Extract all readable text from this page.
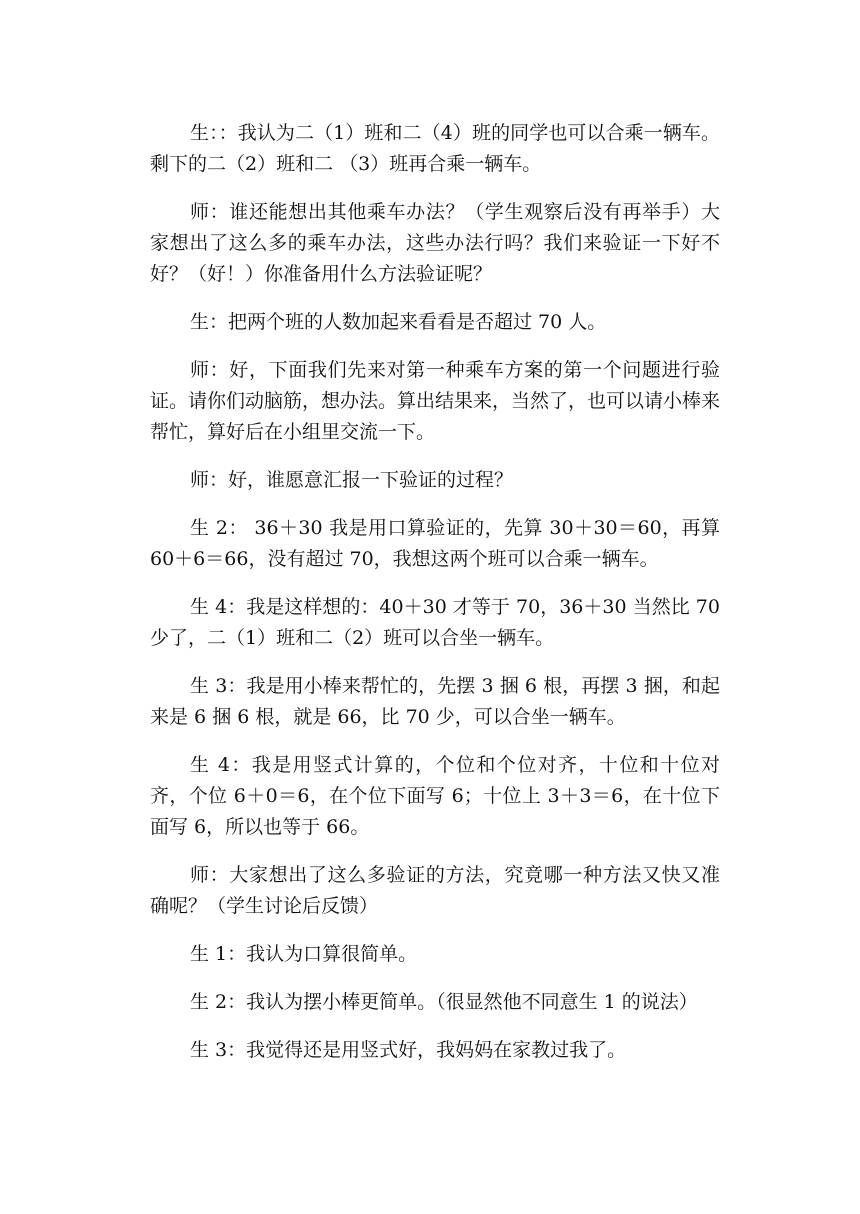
生：：我认为二（1）班和二（4）班的同学也可以合乘一辆车。剩下的二（2）班和二 （3）班再合乘一辆车。

师：谁还能想出其他乘车办法？（学生观察后没有再举手）大家想出了这么多的乘车办法，这些办法行吗？我们来验证一下好不好？（好！）你准备用什么方法验证呢？

生：把两个班的人数加起来看看是否超过 70 人。

师：好，下面我们先来对第一种乘车方案的第一个问题进行验证。请你们动脑筋，想办法。算出结果来，当然了，也可以请小棒来帮忙，算好后在小组里交流一下。

师：好，谁愿意汇报一下验证的过程？

生 2： 36＋30 我是用口算验证的，先算 30＋30＝60，再算 60＋6＝66，没有超过 70，我想这两个班可以合乘一辆车。

生 4：我是这样想的：40＋30 才等于 70，36＋30 当然比 70 少了，二（1）班和二（2）班可以合坐一辆车。

生 3：我是用小棒来帮忙的，先摆 3 捆 6 根，再摆 3 捆，和起来是 6 捆 6 根，就是 66，比 70 少，可以合坐一辆车。

生 4：我是用竖式计算的，个位和个位对齐，十位和十位对齐，个位 6＋0＝6，在个位下面写 6；十位上 3＋3＝6，在十位下面写 6，所以也等于 66。

师：大家想出了这么多验证的方法，究竟哪一种方法又快又准确呢？（学生讨论后反馈）

生 1：我认为口算很简单。

生 2：我认为摆小棒更简单。（很显然他不同意生 1 的说法）

生 3：我觉得还是用竖式好，我妈妈在家教过我了。
